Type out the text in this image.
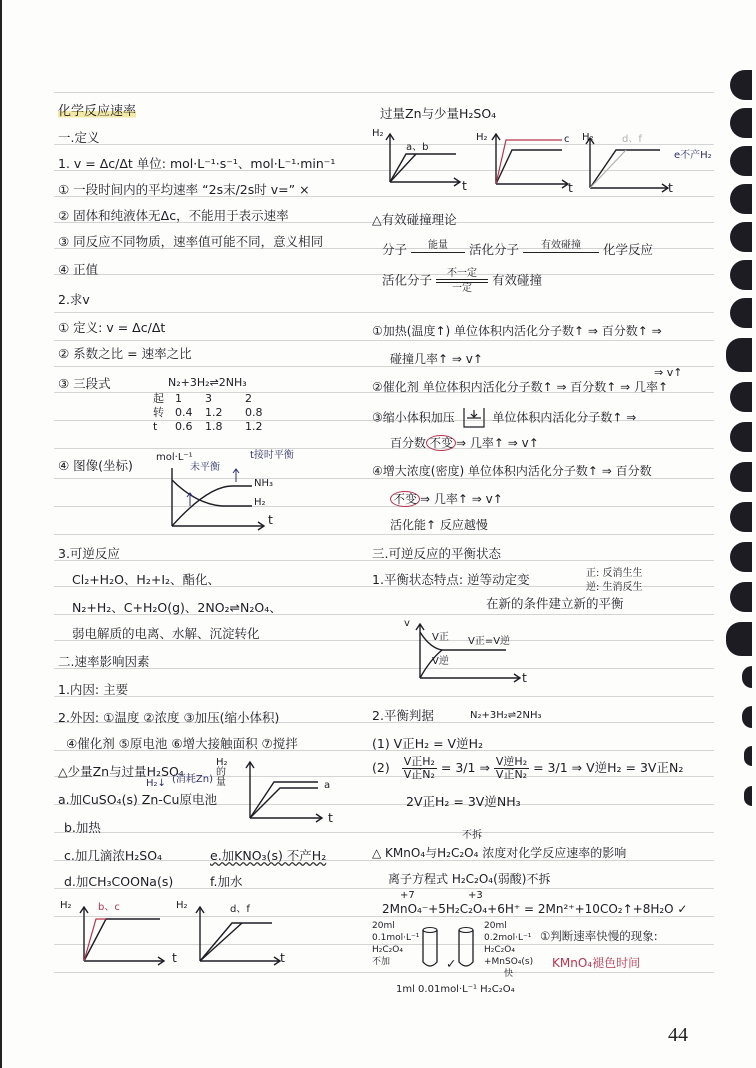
化学反应速率
一.定义
1. v = Δc/Δt 单位: mol·L⁻¹·s⁻¹、mol·L⁻¹·min⁻¹
① 一段时间内的平均速率 “2s末/2s时 v=” ×
② 固体和纯液体无Δc，不能用于表示速率
③ 同反应不同物质，速率值可能不同，意义相同
④ 正值
2.求v
① 定义: v = Δc/Δt
② 系数之比 = 速率之比
③ 三段式	N₂+3H₂⇌2NH₃
起	1	3	2
转	0.4	1.2	0.8
t	0.6	1.8	1.2
④ 图像(坐标)
mol·L⁻¹
未平衡
t接时平衡
NH₃
H₂
t
3.可逆反应
Cl₂+H₂O、H₂+I₂、酯化、
N₂+H₂、C+H₂O(g)、2NO₂⇌N₂O₄、
弱电解质的电离、水解、沉淀转化
二.速率影响因素
1.内因: 主要
2.外因: ①温度 ②浓度 ③加压(缩小体积)
④催化剂 ⑤原电池 ⑥增大接触面积 ⑦搅拌
△少量Zn与过量H₂SO₄
H₂↓ (消耗Zn)
H₂的量	a
t
a.加CuSO₄(s) Zn-Cu原电池
b.加热
c.加几滴浓H₂SO₄
d.加CH₃COONa(s)
e.加KNO₃(s) 不产H₂
f.加水
H₂	b、c
t
H₂	d、f
t
过量Zn与少量H₂SO₄
H₂
a、b
t
H₂	c
t
H₂	d、f
e不产H₂
t
△有效碰撞理论
分子 能量 活化分子 有效碰撞 化学反应
活化分子	不一定
一定
有效碰撞
①加热(温度↑) 单位体积内活化分子数↑ ⇒ 百分数↑ ⇒
碰撞几率↑ ⇒ v↑
⇒ v↑
②催化剂 单位体积内活化分子数↑ ⇒ 百分数↑ ⇒ 几率↑
③缩小体积加压	单位体积内活化分子数↑ ⇒
百分数 不变 ⇒ 几率↑ ⇒ v↑
④增大浓度(密度) 单位体积内活化分子数↑ ⇒ 百分数
不变 ⇒ 几率↑ ⇒ v↑
活化能↑ 反应越慢
三.可逆反应的平衡状态
1.平衡状态特点: 逆等动定变	正: 反消生生
逆: 生消反生
在新的条件建立新的平衡
v
V正 V正=V逆
V逆
t
2.平衡判据	N₂+3H₂⇌2NH₃
(1) V正H₂ = V逆H₂
$(2) \frac{\text{V正H₂}}{\text{V正N₂}} = 3/1$ ⇒ $\frac{\text{V逆H₂}}{\text{V正N₂}} = 3/1$ ⇒ V逆H₂ = 3V正N₂
2V正H₂ = 3V逆NH₃
不拆
△ KMnO₄与H₂C₂O₄ 浓度对化学反应速率的影响
离子方程式 H₂C₂O₄(弱酸)不拆
+7	+3
2MnO₄⁻+5H₂C₂O₄+6H⁺ = 2Mn²⁺+10CO₂↑+8H₂O ✓
20ml
0.1mol·L⁻¹
H₂C₂O₄
不加	✓
20ml
0.2mol·L⁻¹
H₂C₂O₄
+MnSO₄(s)
快
①判断速率快慢的现象:
KMnO₄褪色时间
1ml 0.01mol·L⁻¹ H₂C₂O₄
44
